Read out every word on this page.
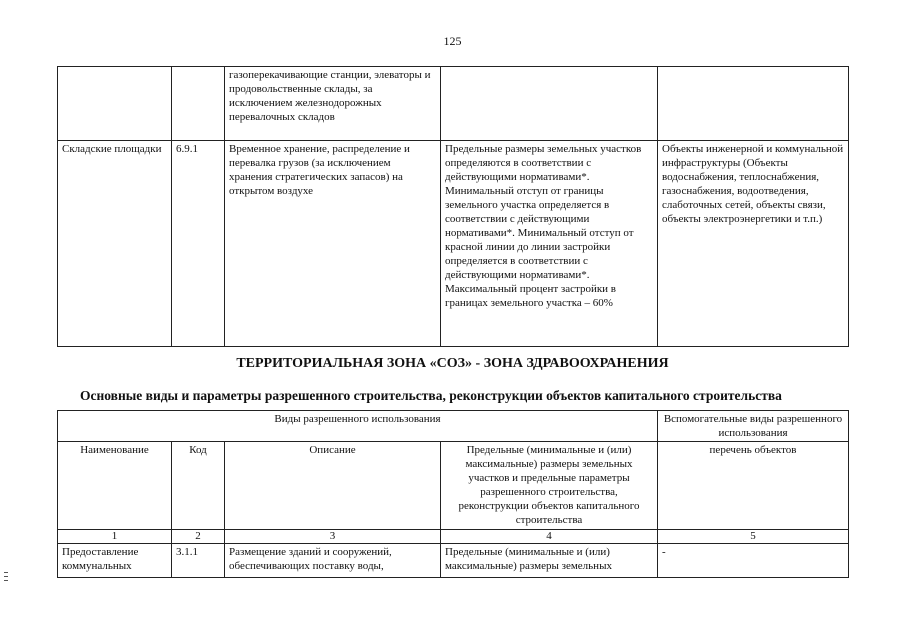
125
		газоперекачивающие станции, элеваторы и продовольственные склады, за исключением железнодорожных перевалочных складов		
Складские площадки	6.9.1	Временное хранение, распределение и перевалка грузов (за исключением хранения стратегических запасов) на открытом воздухе	Предельные размеры земельных участков определяются в соответствии с действующими нормативами*. Минимальный отступ от границы земельного участка определяется в соответствии с действующими нормативами*. Минимальный отступ от красной линии до линии застройки определяется в соответствии с действующими нормативами*. Максимальный процент застройки в границах земельного участка – 60%	Объекты инженерной и коммунальной инфраструктуры (Объекты водоснабжения, теплоснабжения, газоснабжения, водоотведения, слаботочных сетей, объекты связи, объекты электроэнергетики и т.п.)
ТЕРРИТОРИАЛЬНАЯ ЗОНА «СОЗ» - ЗОНА ЗДРАВООХРАНЕНИЯ
Основные виды и параметры разрешенного строительства, реконструкции объектов капитального строительства
Виды разрешенного использования				Вспомогательные виды разрешенного использования
Наименование	Код	Описание	Предельные (минимальные и (или) максимальные) размеры земельных участков и предельные параметры разрешенного строительства, реконструкции объектов капитального строительства	перечень объектов
1	2	3	4	5
Предоставление коммунальных	3.1.1	Размещение зданий и сооружений, обеспечивающих поставку воды,	Предельные (минимальные и (или) максимальные) размеры земельных	-
